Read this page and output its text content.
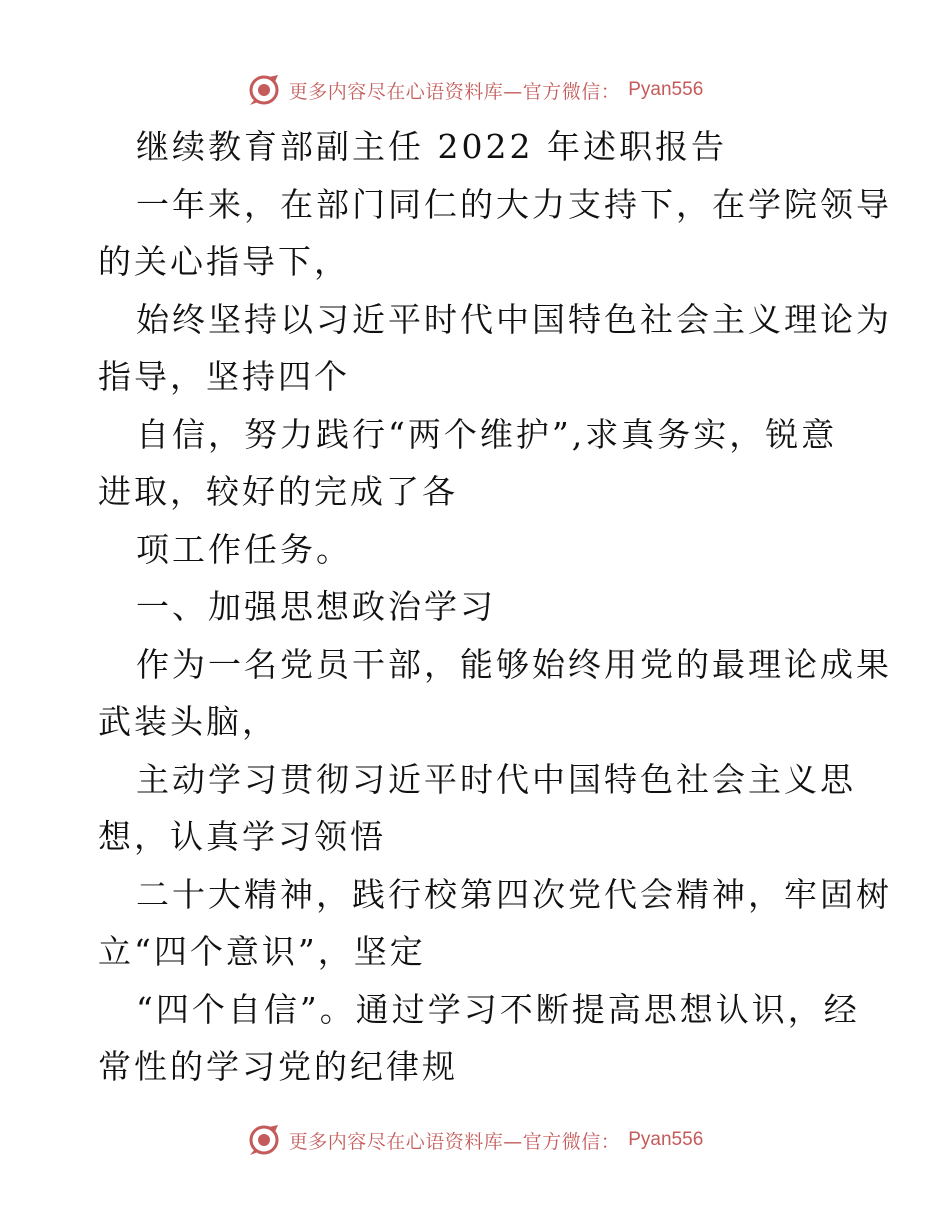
更多内容尽在心语资料库—官方微信： Pyan556
继续教育部副主任 2022 年述职报告
一年来，在部门同仁的大力支持下，在学院领导
的关心指导下，
始终坚持以习近平时代中国特色社会主义理论为
指导，坚持四个
自信，努力践行“两个维护”,求真务实，锐意
进取，较好的完成了各
项工作任务。
一、加强思想政治学习
作为一名党员干部，能够始终用党的最理论成果
武装头脑，
主动学习贯彻习近平时代中国特色社会主义思
想，认真学习领悟
二十大精神，践行校第四次党代会精神，牢固树
立“四个意识”，坚定
“四个自信”。通过学习不断提高思想认识，经
常性的学习党的纪律规
更多内容尽在心语资料库—官方微信： Pyan556
